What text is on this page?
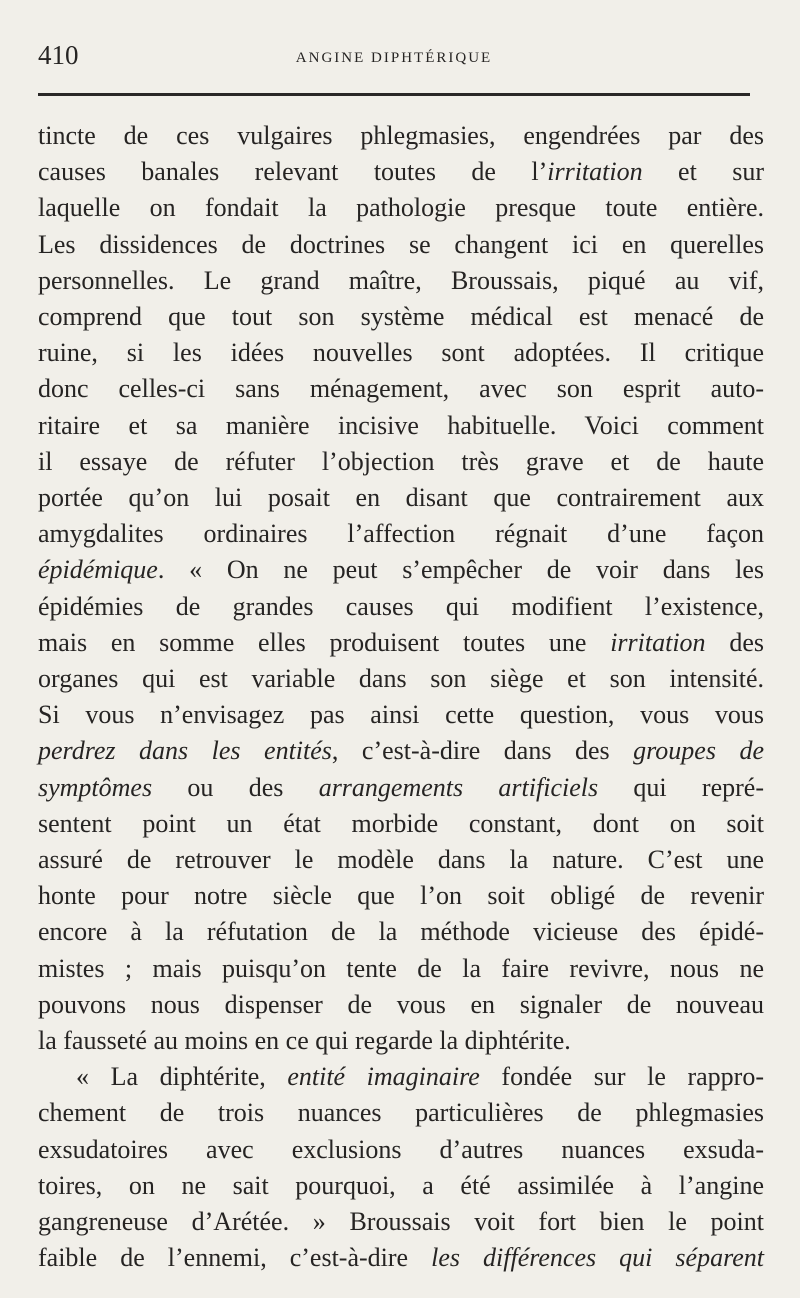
410	ANGINE DIPHTÉRIQUE
tincte de ces vulgaires phlegmasies, engendrées par des
causes banales relevant toutes de l’irritation et sur
laquelle on fondait la pathologie presque toute entière.
Les dissidences de doctrines se changent ici en querelles
personnelles. Le grand maître, Broussais, piqué au vif,
comprend que tout son système médical est menacé de
ruine, si les idées nouvelles sont adoptées. Il critique
donc celles-ci sans ménagement, avec son esprit auto-
ritaire et sa manière incisive habituelle. Voici comment
il essaye de réfuter l’objection très grave et de haute
portée qu’on lui posait en disant que contrairement aux
amygdalites ordinaires l’affection régnait d’une façon
épidémique. « On ne peut s’empêcher de voir dans les
épidémies de grandes causes qui modifient l’existence,
mais en somme elles produisent toutes une irritation des
organes qui est variable dans son siège et son intensité.
Si vous n’envisagez pas ainsi cette question, vous vous
perdrez dans les entités, c’est-à-dire dans des groupes de
symptômes ou des arrangements artificiels qui repré-
sentent point un état morbide constant, dont on soit
assuré de retrouver le modèle dans la nature. C’est une
honte pour notre siècle que l’on soit obligé de revenir
encore à la réfutation de la méthode vicieuse des épidé-
mistes ; mais puisqu’on tente de la faire revivre, nous ne
pouvons nous dispenser de vous en signaler de nouveau
la fausseté au moins en ce qui regarde la diphtérite.
« La diphtérite, entité imaginaire fondée sur le rappro-
chement de trois nuances particulières de phlegmasies
exsudatoires avec exclusions d’autres nuances exsuda-
toires, on ne sait pourquoi, a été assimilée à l’angine
gangreneuse d’Arétée. » Broussais voit fort bien le point
faible de l’ennemi, c’est-à-dire les différences qui séparent
